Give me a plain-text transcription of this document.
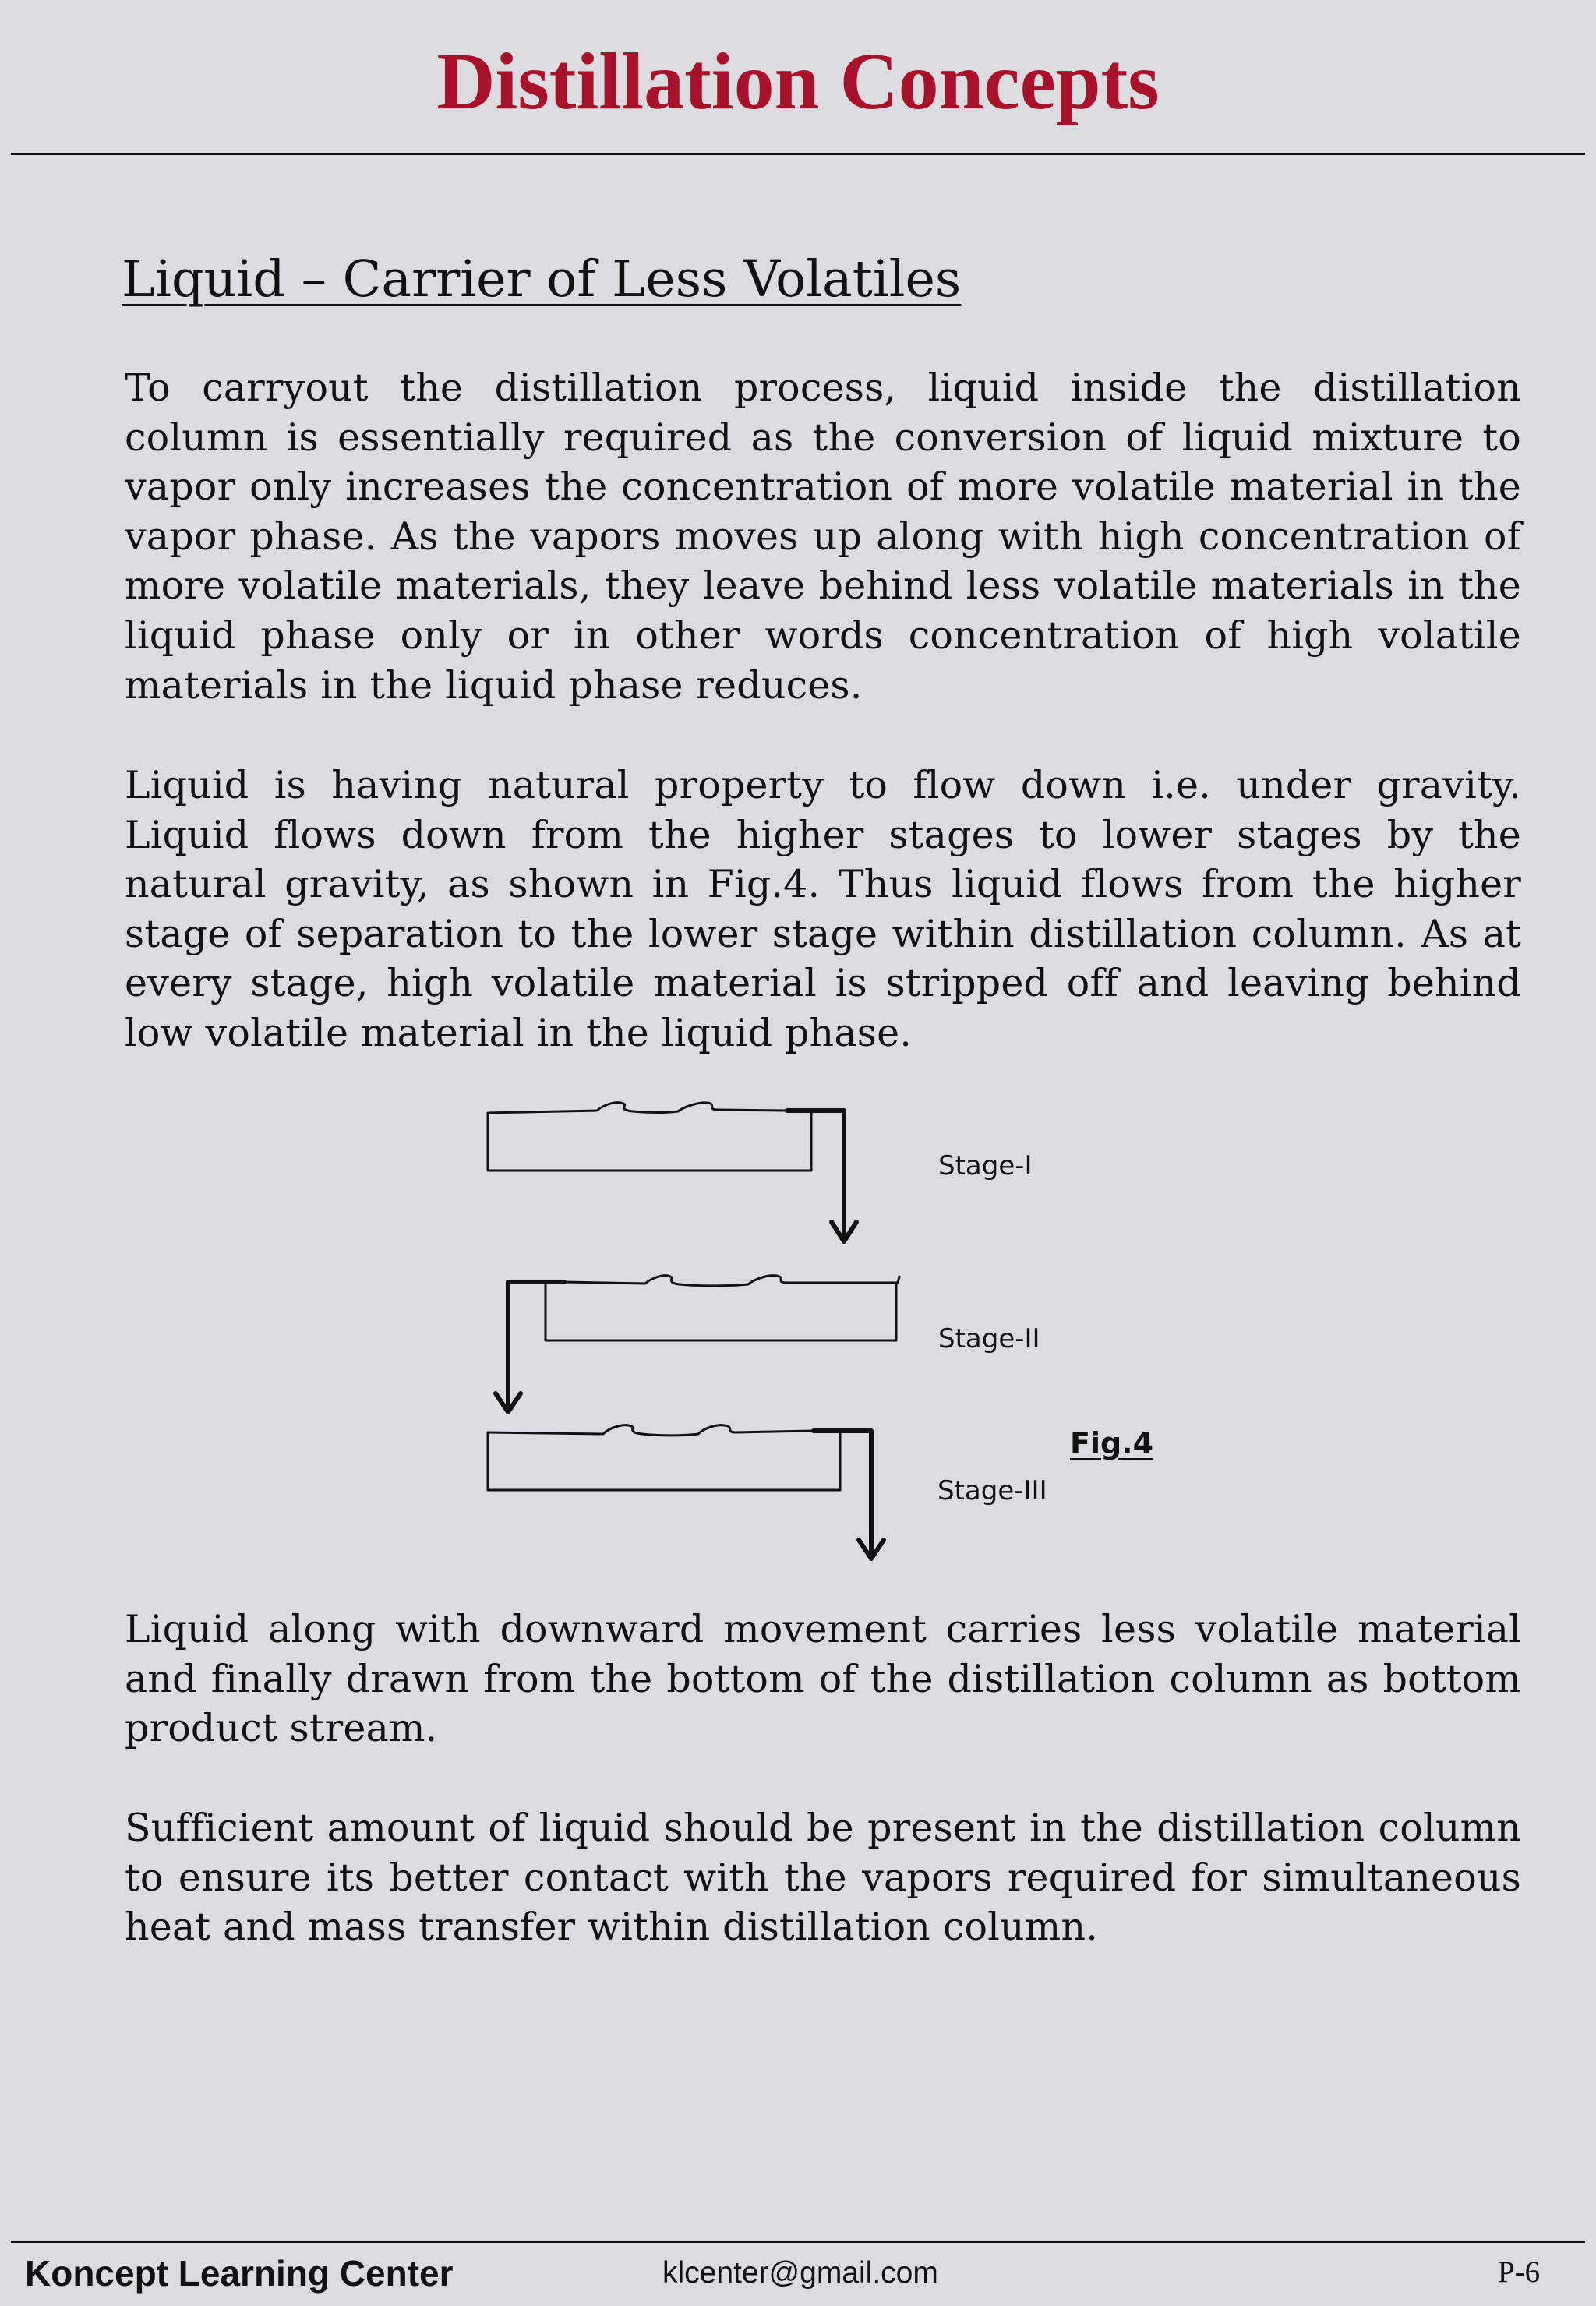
Distillation Concepts
Liquid – Carrier of Less Volatiles

To carryout the distillation process, liquid inside the distillation column is essentially required as the conversion of liquid mixture to vapor only increases the concentration of more volatile material in the vapor phase. As the vapors moves up along with high concentration of more volatile materials, they leave behind less volatile materials in the liquid phase only or in other words concentration of high volatile materials in the liquid phase reduces.

Liquid is having natural property to flow down i.e. under gravity. Liquid flows down from the higher stages to lower stages by the natural gravity, as shown in Fig.4. Thus liquid flows from the higher stage of separation to the lower stage within distillation column. As at every stage, high volatile material is stripped off and leaving behind low volatile material in the liquid phase.

Stage-I
Stage-II
Stage-III
Fig.4

Liquid along with downward movement carries less volatile material and finally drawn from the bottom of the distillation column as bottom product stream.

Sufficient amount of liquid should be present in the distillation column to ensure its better contact with the vapors required for simultaneous heat and mass transfer within distillation column.

Koncept Learning Center	klcenter@gmail.com	P-6
